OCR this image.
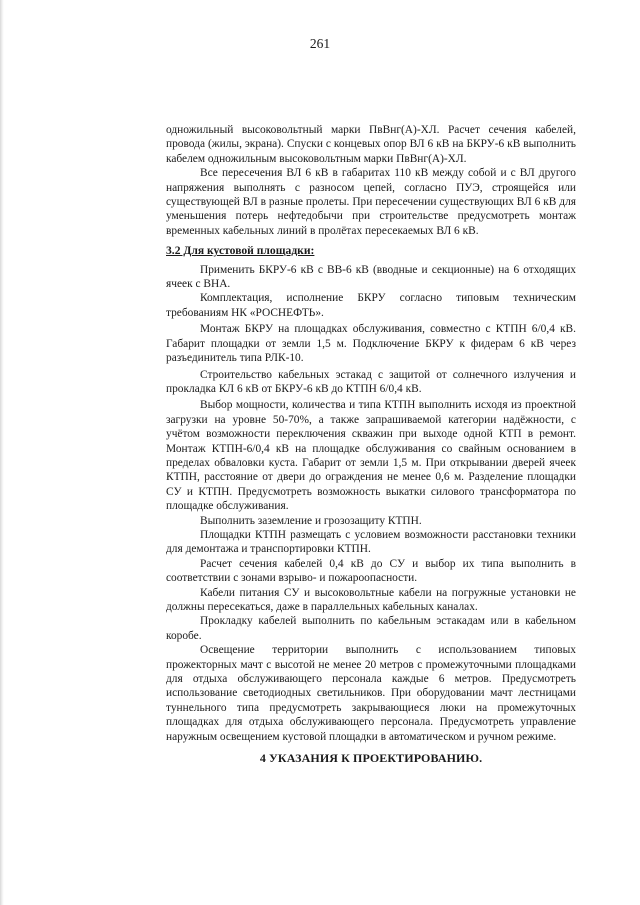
261

одножильный высоковольтный марки ПвВнг(А)-ХЛ. Расчет сечения кабелей, провода (жилы, экрана). Спуски с концевых опор ВЛ 6 кВ на БКРУ-6 кВ выполнить кабелем одножильным высоковольтным марки ПвВнг(А)-ХЛ.

Все пересечения ВЛ 6 кВ в габаритах 110 кВ между собой и с ВЛ другого напряжения выполнять с разносом цепей, согласно ПУЭ, строящейся или существующей ВЛ в разные пролеты. При пересечении существующих ВЛ 6 кВ для уменьшения потерь нефтедобычи при строительстве предусмотреть монтаж временных кабельных линий в пролётах пересекаемых ВЛ 6 кВ.

3.2 Для кустовой площадки:

Применить БКРУ-6 кВ с ВВ-6 кВ (вводные и секционные) на 6 отходящих ячеек с ВНА.

Комплектация, исполнение БКРУ согласно типовым техническим требованиям НК «РОСНЕФТЬ».

Монтаж БКРУ на площадках обслуживания, совместно с КТПН 6/0,4 кВ. Габарит площадки от земли 1,5 м. Подключение БКРУ к фидерам 6 кВ через разъединитель типа РЛК-10.

Строительство кабельных эстакад с защитой от солнечного излучения и прокладка КЛ 6 кВ от БКРУ-6 кВ до КТПН 6/0,4 кВ.

Выбор мощности, количества и типа КТПН выполнить исходя из проектной загрузки на уровне 50-70%, а также запрашиваемой категории надёжности, с учётом возможности переключения скважин при выходе одной КТП в ремонт. Монтаж КТПН-6/0,4 кВ на площадке обслуживания со свайным основанием в пределах обваловки куста. Габарит от земли 1,5 м. При открывании дверей ячеек КТПН, расстояние от двери до ограждения не менее 0,6 м. Разделение площадки СУ и КТПН. Предусмотреть возможность выкатки силового трансформатора по площадке обслуживания.

Выполнить заземление и грозозащиту КТПН.

Площадки КТПН размещать с условием возможности расстановки техники для демонтажа и транспортировки КТПН.

Расчет сечения кабелей 0,4 кВ до СУ и выбор их типа выполнить в соответствии с зонами взрыво- и пожароопасности.

Кабели питания СУ и высоковольтные кабели на погружные установки не должны пересекаться, даже в параллельных кабельных каналах.

Прокладку кабелей выполнить по кабельным эстакадам или в кабельном коробе.

Освещение территории выполнить с использованием типовых прожекторных мачт с высотой не менее 20 метров с промежуточными площадками для отдыха обслуживающего персонала каждые 6 метров. Предусмотреть использование светодиодных светильников. При оборудовании мачт лестницами туннельного типа предусмотреть закрывающиеся люки на промежуточных площадках для отдыха обслуживающего персонала. Предусмотреть управление наружным освещением кустовой площадки в автоматическом и ручном режиме.

4 УКАЗАНИЯ К ПРОЕКТИРОВАНИЮ.
